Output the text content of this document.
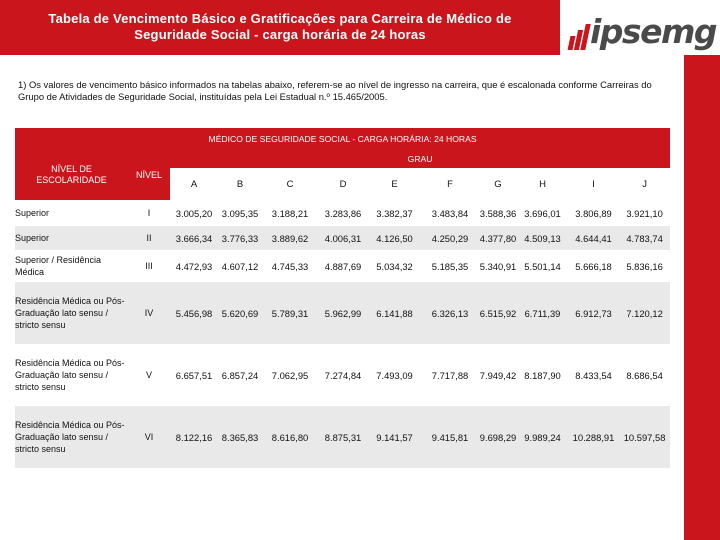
Tabela de Vencimento Básico e Gratificações para Carreira de Médico de
Seguridade Social - carga horária de 24 horas	ipsemg
1) Os valores de vencimento básico informados na tabelas abaixo, referem-se ao nível de ingresso na carreira, que é escalonada conforme Carreiras do Grupo de Atividades de Seguridade Social, instituídas pela Lei Estadual n.º 15.465/2005.
MÉDICO DE SEGURIDADE SOCIAL - CARGA HORÁRIA: 24 HORAS											
NÍVEL DE ESCOLARIDADE	NÍVEL	GRAU									
		A	B	C	D	E	F	G	H	I	J
Superior	I	3.005,20	3.095,35	3.188,21	3.283,86	3.382,37	3.483,84	3.588,36	3.696,01	3.806,89	3.921,10
Superior	II	3.666,34	3.776,33	3.889,62	4.006,31	4.126,50	4.250,29	4.377,80	4.509,13	4.644,41	4.783,74
Superior / Residência Médica	III	4.472,93	4.607,12	4.745,33	4.887,69	5.034,32	5.185,35	5.340,91	5.501,14	5.666,18	5.836,16
Residência Médica ou Pós-Graduação lato sensu / stricto sensu	IV	5.456,98	5.620,69	5.789,31	5.962,99	6.141,88	6.326,13	6.515,92	6.711,39	6.912,73	7.120,12
Residência Médica ou Pós-Graduação lato sensu / stricto sensu	V	6.657,51	6.857,24	7.062,95	7.274,84	7.493,09	7.717,88	7.949,42	8.187,90	8.433,54	8.686,54
Residência Médica ou Pós-Graduação lato sensu / stricto sensu	VI	8.122,16	8.365,83	8.616,80	8.875,31	9.141,57	9.415,81	9.698,29	9.989,24	10.288,91	10.597,58
